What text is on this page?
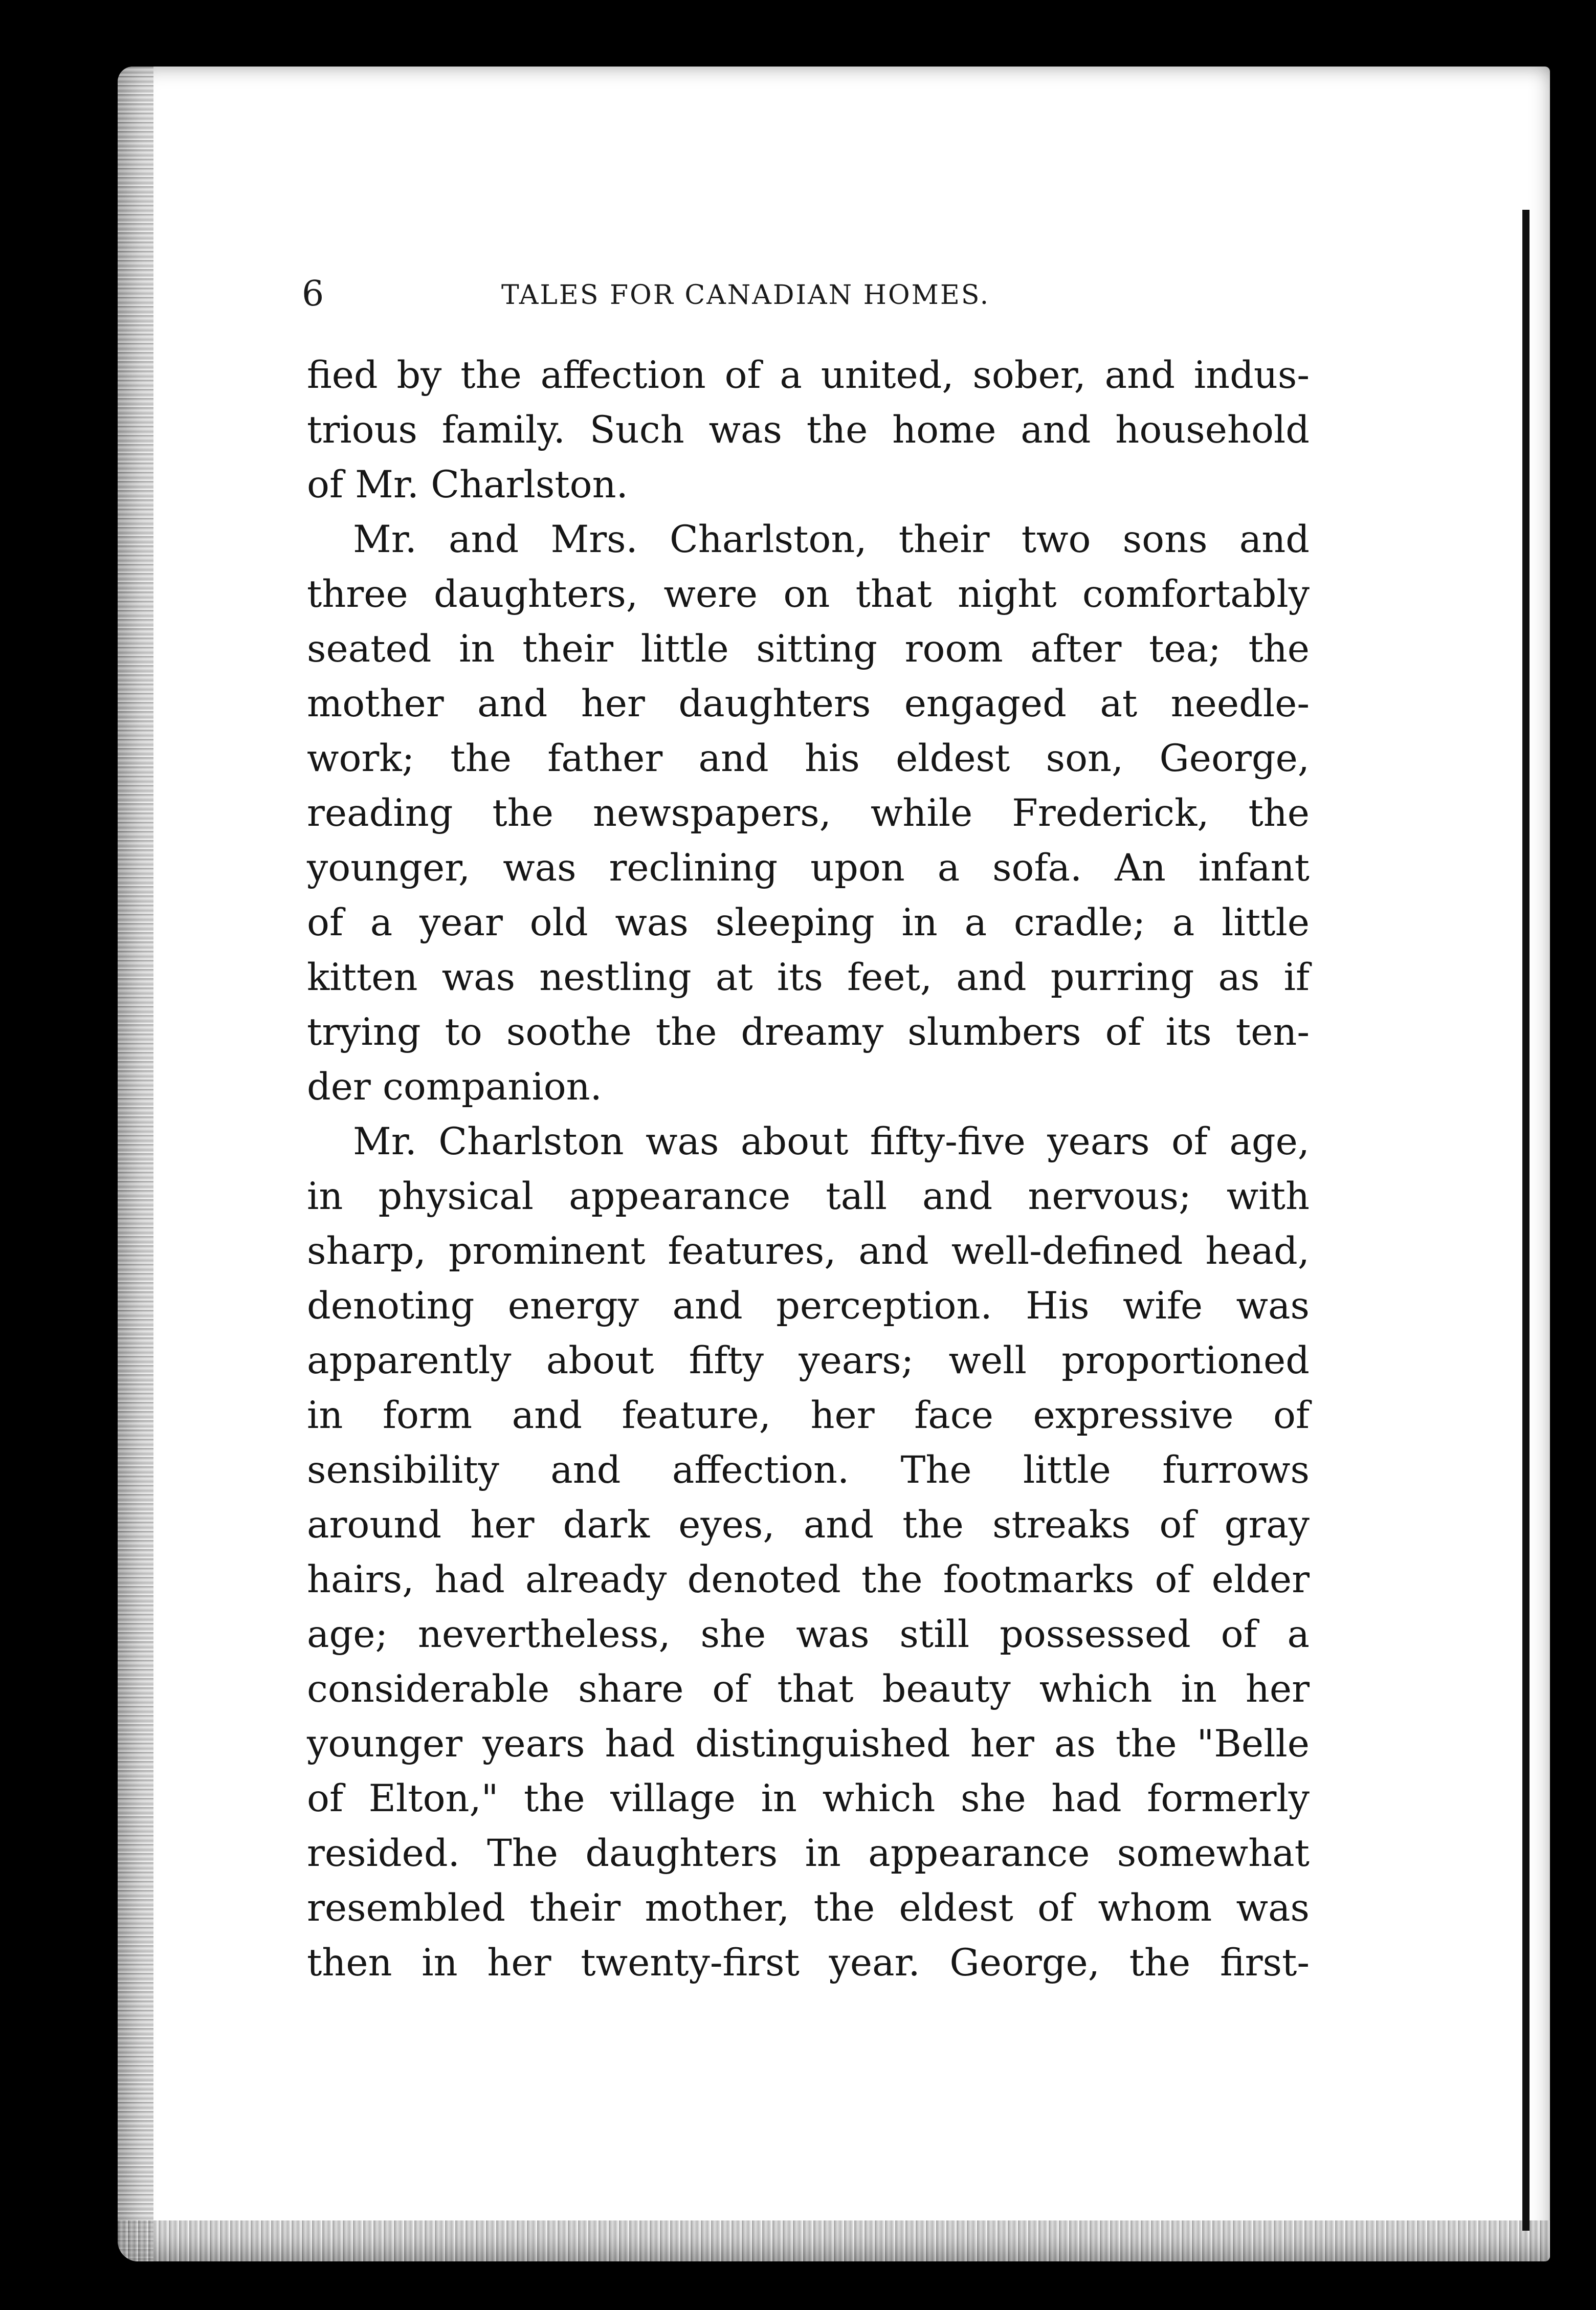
6	TALES FOR CANADIAN HOMES.
fied by the affection of a united, sober, and indus-
trious family. Such was the home and household
of Mr. Charlston.
Mr. and Mrs. Charlston, their two sons and
three daughters, were on that night comfortably
seated in their little sitting room after tea; the
mother and her daughters engaged at needle-
work; the father and his eldest son, George,
reading the newspapers, while Frederick, the
younger, was reclining upon a sofa. An infant
of a year old was sleeping in a cradle; a little
kitten was nestling at its feet, and purring as if
trying to soothe the dreamy slumbers of its ten-
der companion.
Mr. Charlston was about fifty-five years of age,
in physical appearance tall and nervous; with
sharp, prominent features, and well-defined head,
denoting energy and perception. His wife was
apparently about fifty years; well proportioned
in form and feature, her face expressive of
sensibility and affection. The little furrows
around her dark eyes, and the streaks of gray
hairs, had already denoted the footmarks of elder
age; nevertheless, she was still possessed of a
considerable share of that beauty which in her
younger years had distinguished her as the "Belle
of Elton," the village in which she had formerly
resided. The daughters in appearance somewhat
resembled their mother, the eldest of whom was
then in her twenty-first year. George, the first-
